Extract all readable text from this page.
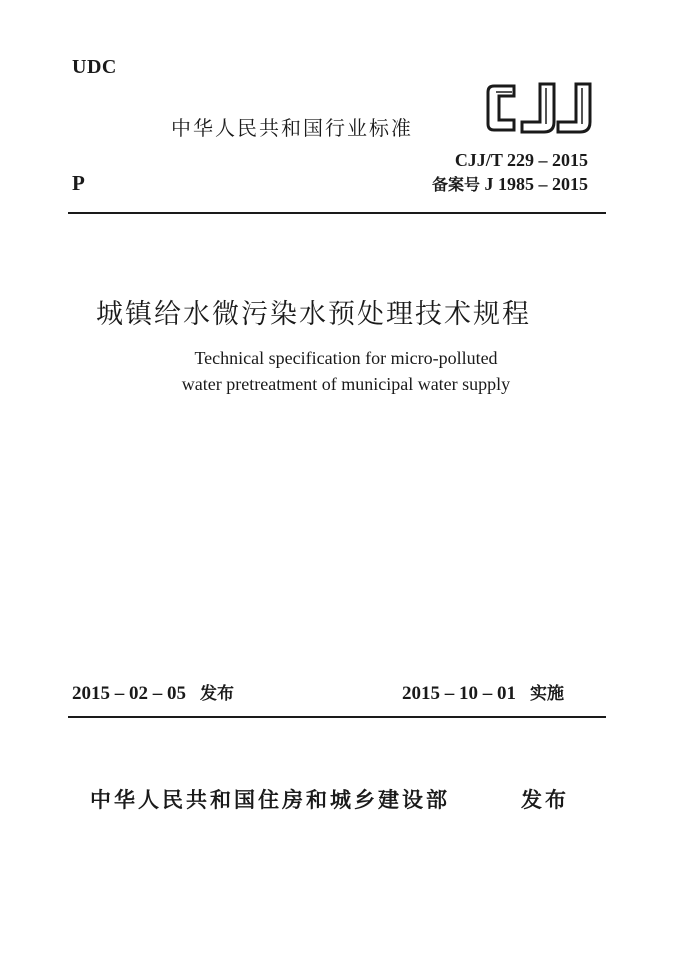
UDC
中华人民共和国行业标准
P
CJJ/T 229 – 2015
备案号 J 1985 – 2015
城镇给水微污染水预处理技术规程
Technical specification for micro-polluted
water pretreatment of municipal water supply
2015 – 02 – 05 发布	2015 – 10 – 01 实施
中华人民共和国住房和城乡建设部	发布
